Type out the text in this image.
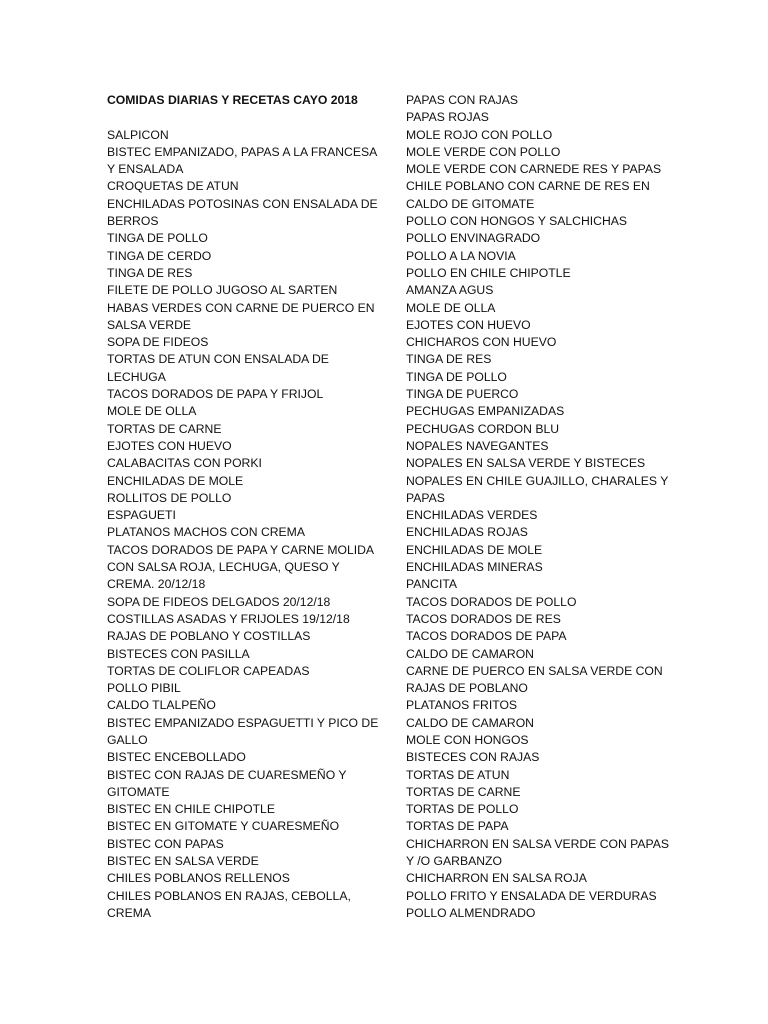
COMIDAS DIARIAS Y RECETAS CAYO 2018
SALPICON
BISTEC EMPANIZADO, PAPAS A LA FRANCESA
Y ENSALADA
CROQUETAS DE ATUN
ENCHILADAS POTOSINAS CON ENSALADA DE
BERROS
TINGA DE POLLO
TINGA DE CERDO
TINGA DE RES
FILETE DE POLLO JUGOSO AL SARTEN
HABAS VERDES CON CARNE DE PUERCO EN
SALSA VERDE
SOPA DE FIDEOS
TORTAS DE ATUN CON ENSALADA DE
LECHUGA
TACOS DORADOS DE PAPA Y FRIJOL
MOLE DE OLLA
TORTAS DE CARNE
EJOTES CON HUEVO
CALABACITAS CON PORKI
ENCHILADAS DE MOLE
ROLLITOS DE POLLO
ESPAGUETI
PLATANOS MACHOS CON CREMA
TACOS DORADOS DE PAPA Y CARNE MOLIDA
CON SALSA ROJA, LECHUGA, QUESO Y
CREMA. 20/12/18
SOPA DE FIDEOS DELGADOS 20/12/18
COSTILLAS ASADAS Y FRIJOLES 19/12/18
RAJAS DE POBLANO Y COSTILLAS
BISTECES CON PASILLA
TORTAS DE COLIFLOR CAPEADAS
POLLO PIBIL
CALDO TLALPEÑO
BISTEC EMPANIZADO ESPAGUETTI Y PICO DE
GALLO
BISTEC ENCEBOLLADO
BISTEC CON RAJAS DE CUARESMEÑO Y
GITOMATE
BISTEC EN CHILE CHIPOTLE
BISTEC EN GITOMATE Y CUARESMEÑO
BISTEC CON PAPAS
BISTEC EN SALSA VERDE
CHILES POBLANOS RELLENOS
CHILES POBLANOS EN RAJAS, CEBOLLA,
CREMA
PAPAS CON RAJAS
PAPAS ROJAS
MOLE ROJO CON POLLO
MOLE VERDE CON POLLO
MOLE VERDE CON CARNEDE RES Y PAPAS
CHILE POBLANO CON CARNE DE RES EN
CALDO DE GITOMATE
POLLO CON HONGOS Y SALCHICHAS
POLLO ENVINAGRADO
POLLO A LA NOVIA
POLLO EN CHILE CHIPOTLE
AMANZA AGUS
MOLE DE OLLA
EJOTES CON HUEVO
CHICHAROS CON HUEVO
TINGA DE RES
TINGA DE POLLO
TINGA DE PUERCO
PECHUGAS EMPANIZADAS
PECHUGAS CORDON BLU
NOPALES NAVEGANTES
NOPALES EN SALSA VERDE Y BISTECES
NOPALES EN CHILE GUAJILLO, CHARALES Y
PAPAS
ENCHILADAS VERDES
ENCHILADAS ROJAS
ENCHILADAS DE MOLE
ENCHILADAS MINERAS
PANCITA
TACOS DORADOS DE POLLO
TACOS DORADOS DE RES
TACOS DORADOS DE PAPA
CALDO DE CAMARON
CARNE DE PUERCO EN SALSA VERDE CON
RAJAS DE POBLANO
PLATANOS FRITOS
CALDO DE CAMARON
MOLE CON HONGOS
BISTECES CON RAJAS
TORTAS DE ATUN
TORTAS DE CARNE
TORTAS DE POLLO
TORTAS DE PAPA
CHICHARRON EN SALSA VERDE CON PAPAS
Y /O GARBANZO
CHICHARRON EN SALSA ROJA
POLLO FRITO Y ENSALADA DE VERDURAS
POLLO ALMENDRADO
